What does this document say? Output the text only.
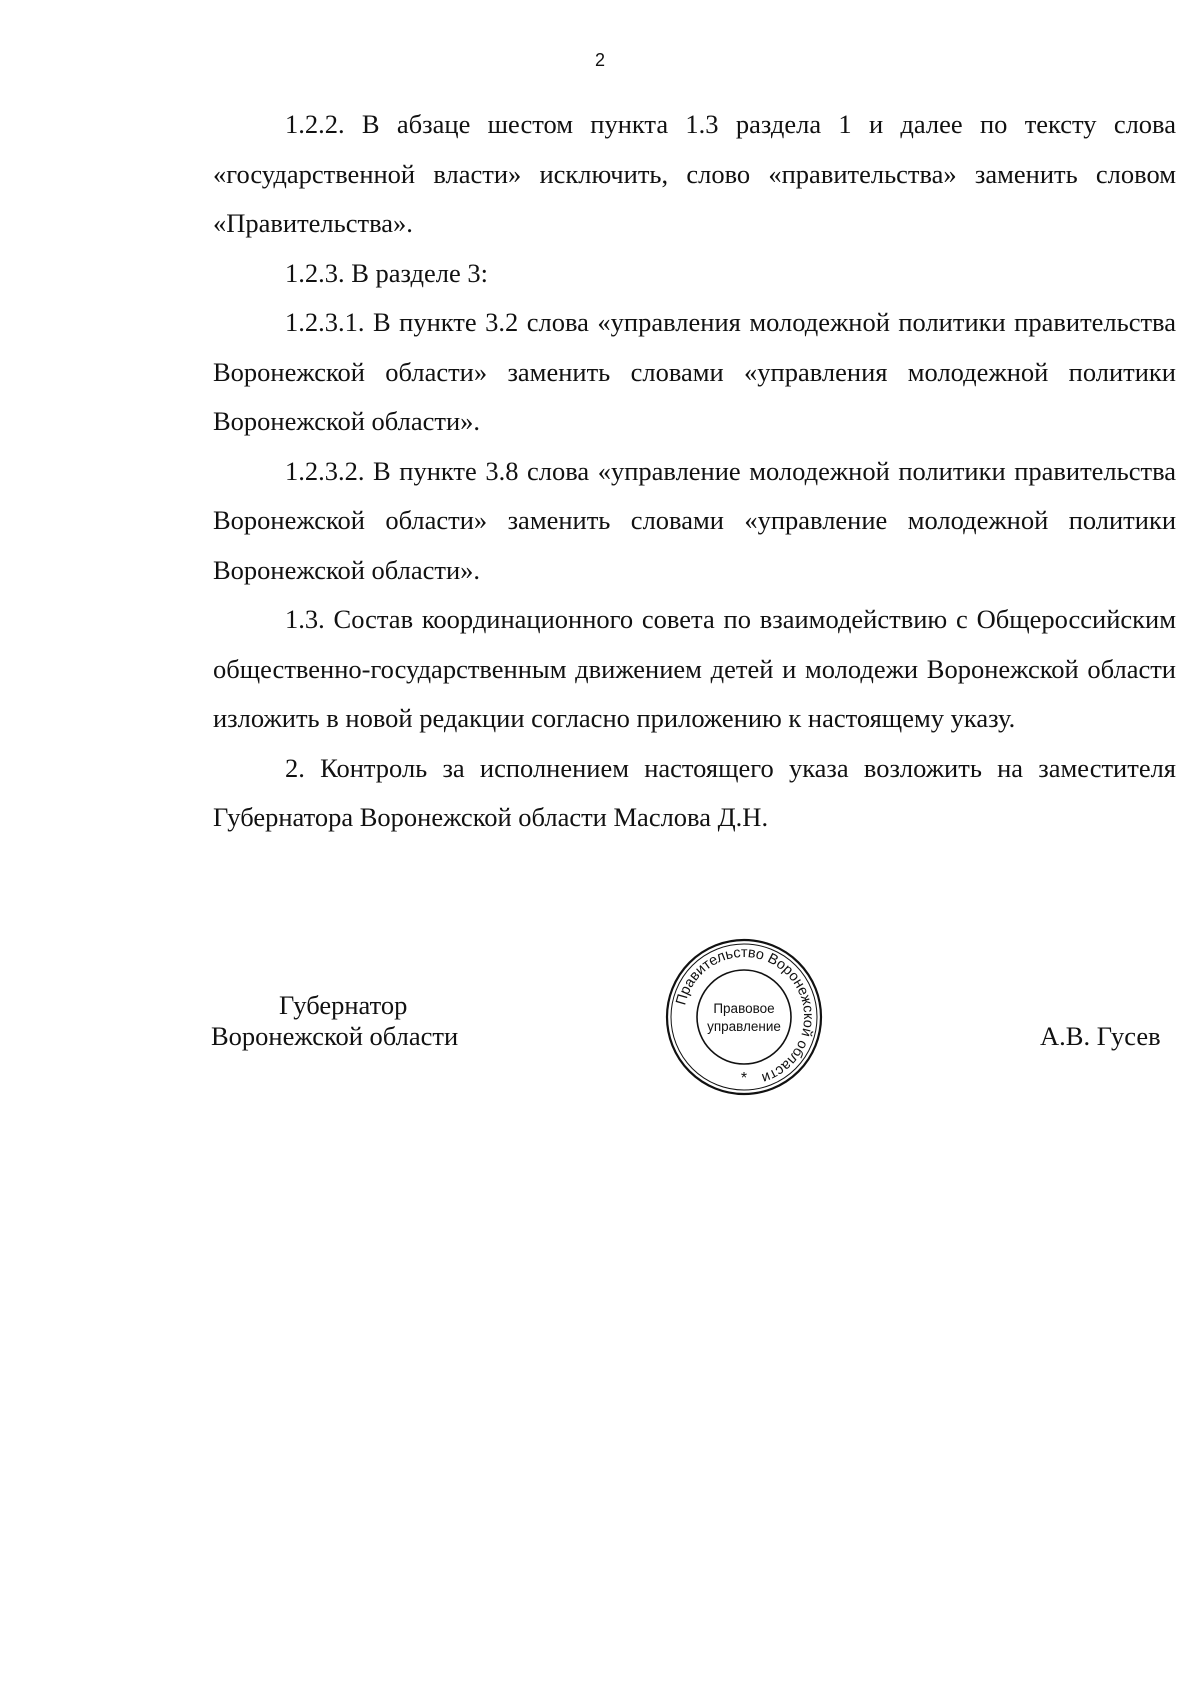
2

1.2.2. В абзаце шестом пункта 1.3 раздела 1 и далее по тексту слова «государственной власти» исключить, слово «правительства» заменить словом «Правительства».

1.2.3. В разделе 3:

1.2.3.1. В пункте 3.2 слова «управления молодежной политики правительства Воронежской области» заменить словами «управления молодежной политики Воронежской области».

1.2.3.2. В пункте 3.8 слова «управление молодежной политики правительства Воронежской области» заменить словами «управление молодежной политики Воронежской области».

1.3. Состав координационного совета по взаимодействию с Общероссийским общественно-государственным движением детей и молодежи Воронежской области изложить в новой редакции согласно приложению к настоящему указу.

2. Контроль за исполнением настоящего указа возложить на заместителя Губернатора Воронежской области Маслова Д.Н.

Губернатор
Воронежской области
Правительство Воронежской области
Правовое
управление
*
А.В. Гусев
